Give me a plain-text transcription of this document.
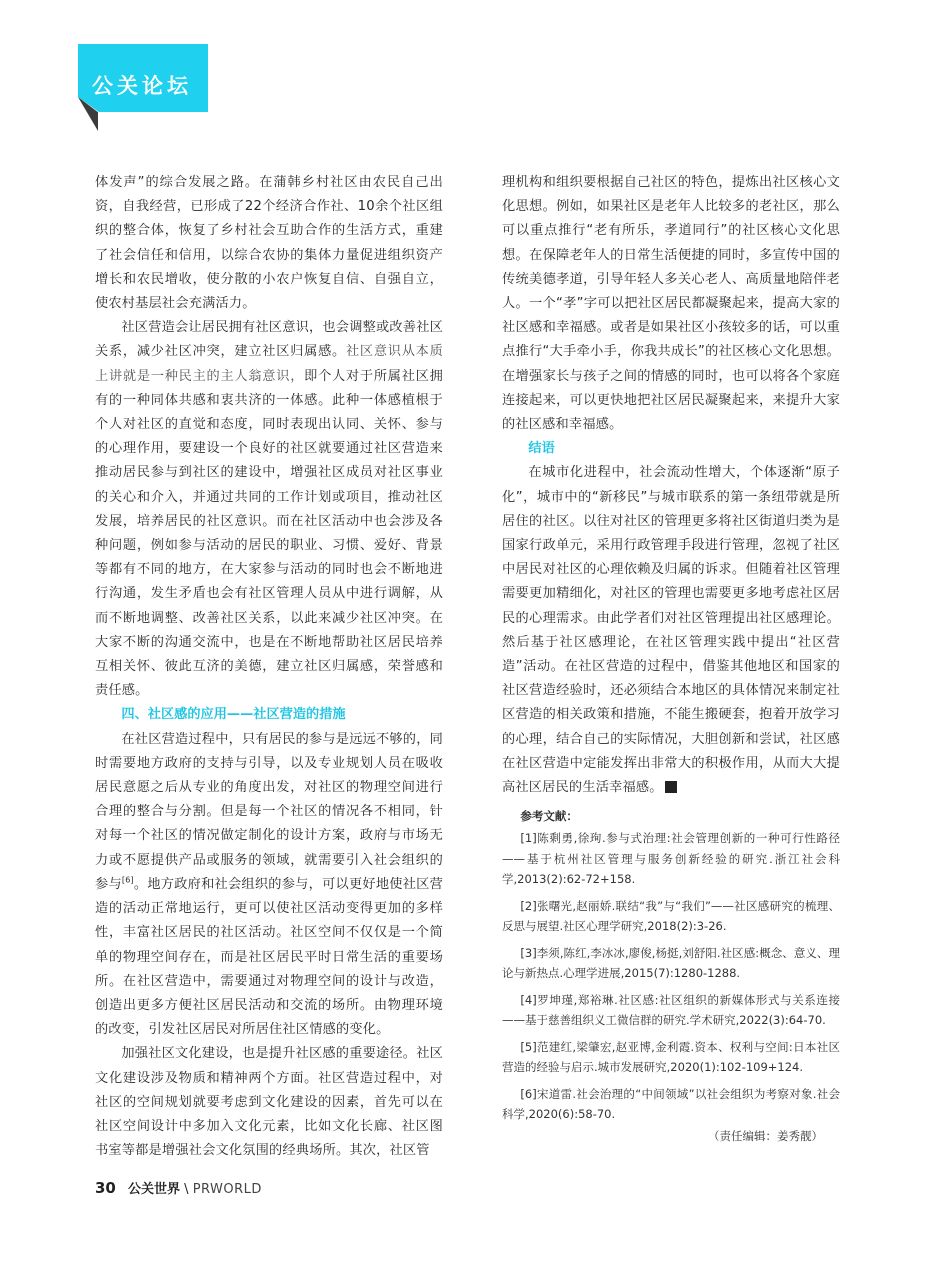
公关论坛

体发声”的综合发展之路。在蒲韩乡村社区由农民自己出资，自我经营，已形成了22个经济合作社、10余个社区组织的整合体，恢复了乡村社会互助合作的生活方式，重建了社会信任和信用，以综合农协的集体力量促进组织资产增长和农民增收，使分散的小农户恢复自信、自强自立，使农村基层社会充满活力。

社区营造会让居民拥有社区意识，也会调整或改善社区关系，减少社区冲突，建立社区归属感。社区意识从本质上讲就是一种民主的主人翁意识，即个人对于所属社区拥有的一种同体共感和衷共济的一体感。此种一体感植根于个人对社区的直觉和态度，同时表现出认同、关怀、参与的心理作用，要建设一个良好的社区就要通过社区营造来推动居民参与到社区的建设中，增强社区成员对社区事业的关心和介入，并通过共同的工作计划或项目，推动社区发展，培养居民的社区意识。而在社区活动中也会涉及各种问题，例如参与活动的居民的职业、习惯、爱好、背景等都有不同的地方，在大家参与活动的同时也会不断地进行沟通，发生矛盾也会有社区管理人员从中进行调解，从而不断地调整、改善社区关系，以此来减少社区冲突。在大家不断的沟通交流中，也是在不断地帮助社区居民培养互相关怀、彼此互济的美德，建立社区归属感，荣誉感和责任感。

四、社区感的应用——社区营造的措施

在社区营造过程中，只有居民的参与是远远不够的，同时需要地方政府的支持与引导，以及专业规划人员在吸收居民意愿之后从专业的角度出发，对社区的物理空间进行合理的整合与分割。但是每一个社区的情况各不相同，针对每一个社区的情况做定制化的设计方案，政府与市场无力或不愿提供产品或服务的领域，就需要引入社会组织的参与[6]。地方政府和社会组织的参与，可以更好地使社区营造的活动正常地运行，更可以使社区活动变得更加的多样性，丰富社区居民的社区活动。社区空间不仅仅是一个简单的物理空间存在，而是社区居民平时日常生活的重要场所。在社区营造中，需要通过对物理空间的设计与改造，创造出更多方便社区居民活动和交流的场所。由物理环境的改变，引发社区居民对所居住社区情感的变化。

加强社区文化建设，也是提升社区感的重要途径。社区文化建设涉及物质和精神两个方面。社区营造过程中，对社区的空间规划就要考虑到文化建设的因素，首先可以在社区空间设计中多加入文化元素，比如文化长廊、社区图书室等都是增强社会文化氛围的经典场所。其次，社区管

理机构和组织要根据自己社区的特色，提炼出社区核心文化思想。例如，如果社区是老年人比较多的老社区，那么可以重点推行“老有所乐，孝道同行”的社区核心文化思想。在保障老年人的日常生活便捷的同时，多宣传中国的传统美德孝道，引导年轻人多关心老人、高质量地陪伴老人。一个“孝”字可以把社区居民都凝聚起来，提高大家的社区感和幸福感。或者是如果社区小孩较多的话，可以重点推行“大手牵小手，你我共成长”的社区核心文化思想。在增强家长与孩子之间的情感的同时，也可以将各个家庭连接起来，可以更快地把社区居民凝聚起来，来提升大家的社区感和幸福感。

结语

在城市化进程中，社会流动性增大，个体逐渐“原子化”，城市中的“新移民”与城市联系的第一条纽带就是所居住的社区。以往对社区的管理更多将社区街道归类为是国家行政单元，采用行政管理手段进行管理，忽视了社区中居民对社区的心理依赖及归属的诉求。但随着社区管理需要更加精细化，对社区的管理也需要更多地考虑社区居民的心理需求。由此学者们对社区管理提出社区感理论。然后基于社区感理论，在社区管理实践中提出“社区营造”活动。在社区营造的过程中，借鉴其他地区和国家的社区营造经验时，还必须结合本地区的具体情况来制定社区营造的相关政策和措施，不能生搬硬套，抱着开放学习的心理，结合自己的实际情况，大胆创新和尝试，社区感在社区营造中定能发挥出非常大的积极作用，从而大大提高社区居民的生活幸福感。	PR

参考文献：

[1]陈剩勇,徐珣.参与式治理:社会管理创新的一种可行性路径——基于杭州社区管理与服务创新经验的研究.浙江社会科学,2013(2):62-72+158.

[2]张曙光,赵丽娇.联结“我”与“我们”——社区感研究的梳理、反思与展望.社区心理学研究,2018(2):3-26.

[3]李须,陈红,李冰冰,廖俊,杨挺,刘舒阳.社区感:概念、意义、理论与新热点.心理学进展,2015(7):1280-1288.

[4]罗坤瑾,郑裕琳.社区感:社区组织的新媒体形式与关系连接——基于慈善组织义工微信群的研究.学术研究,2022(3):64-70.

[5]范建红,梁肇宏,赵亚博,金利霞.资本、权利与空间:日本社区营造的经验与启示.城市发展研究,2020(1):102-109+124.

[6]宋道雷.社会治理的“中间领域”以社会组织为考察对象.社会科学,2020(6):58-70.

（责任编辑：姜秀靓）
30 公关世界 \ PRWORLD
